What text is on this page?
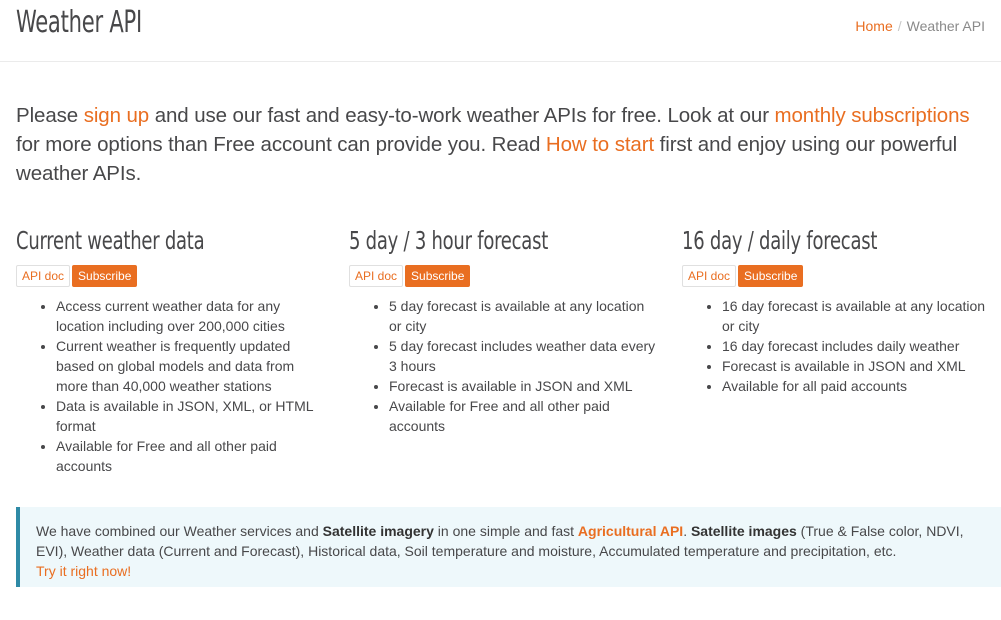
Weather API	Home / Weather API

Please sign up and use our fast and easy-to-work weather APIs for free. Look at our monthly subscriptions for more options than Free account can provide you. Read How to start first and enjoy using our powerful weather APIs.

Current weather data
API doc Subscribe
• Access current weather data for any location including over 200,000 cities
• Current weather is frequently updated based on global models and data from more than 40,000 weather stations
• Data is available in JSON, XML, or HTML format
• Available for Free and all other paid accounts
5 day / 3 hour forecast
API doc Subscribe
• 5 day forecast is available at any location or city
• 5 day forecast includes weather data every 3 hours
• Forecast is available in JSON and XML
• Available for Free and all other paid accounts
16 day / daily forecast
API doc Subscribe
• 16 day forecast is available at any location or city
• 16 day forecast includes daily weather
• Forecast is available in JSON and XML
• Available for all paid accounts
We have combined our Weather services and Satellite imagery in one simple and fast Agricultural API. Satellite images (True & False color, NDVI, EVI), Weather data (Current and Forecast), Historical data, Soil temperature and moisture, Accumulated temperature and precipitation, etc.
Try it right now!
